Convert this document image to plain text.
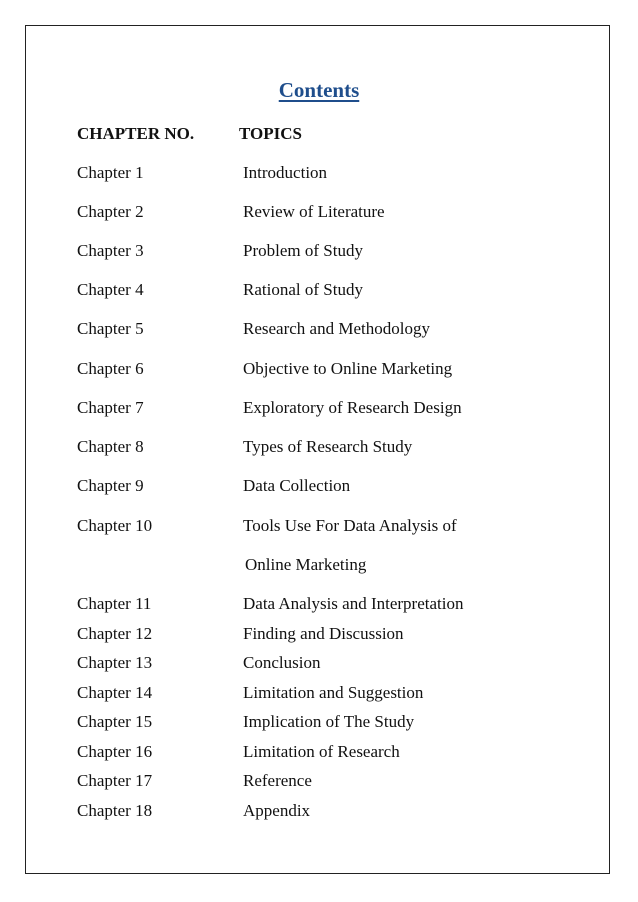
Contents
CHAPTER NO.	TOPICS
Chapter 1	Introduction
Chapter 2	Review of Literature
Chapter 3	Problem of Study
Chapter 4	Rational of Study
Chapter 5	Research and Methodology
Chapter 6	Objective to Online Marketing
Chapter 7	Exploratory of Research Design
Chapter 8	Types of Research Study
Chapter 9	Data Collection
Chapter 10	Tools Use For Data Analysis of
Online Marketing
Chapter 11	Data Analysis and Interpretation
Chapter 12	Finding and Discussion
Chapter 13	Conclusion
Chapter 14	Limitation and Suggestion
Chapter 15	Implication of The Study
Chapter 16	Limitation of Research
Chapter 17	Reference
Chapter 18	Appendix
